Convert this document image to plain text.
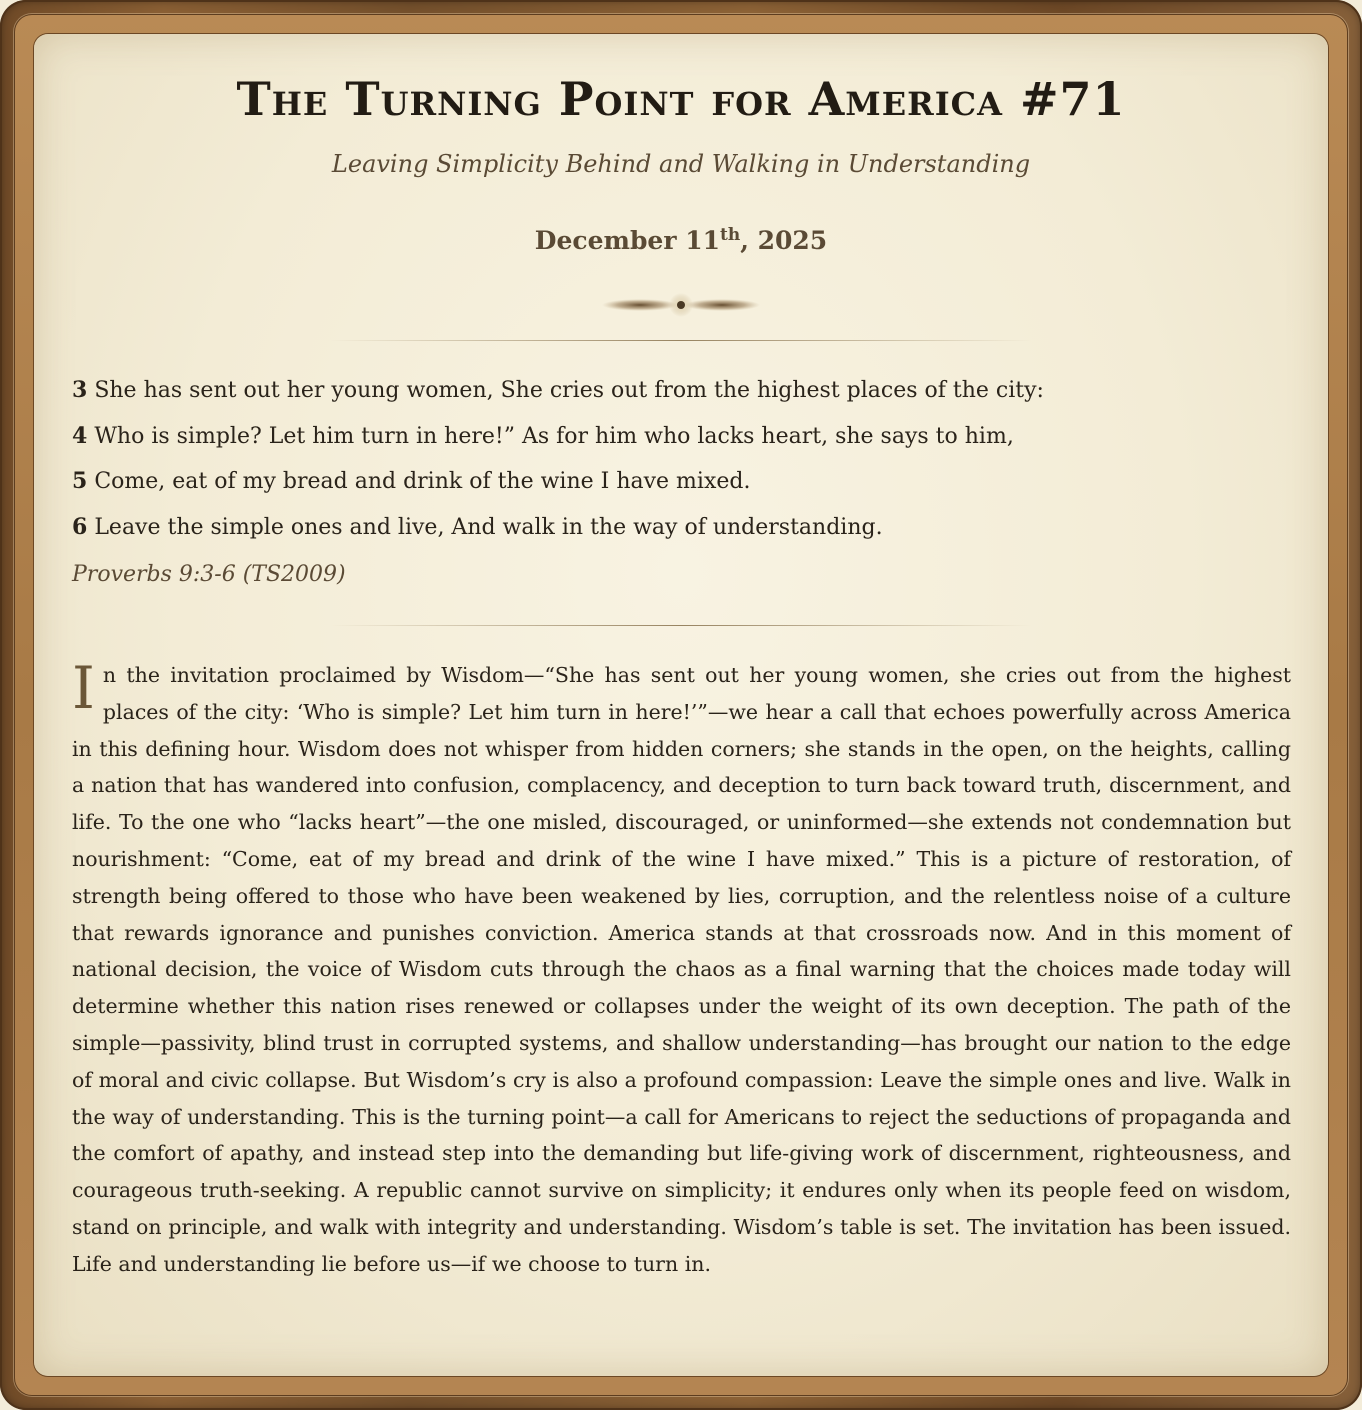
The Turning Point for America #71
Leaving Simplicity Behind and Walking in Understanding
December 11th, 2025
3 She has sent out her young women, She cries out from the highest places of the city:
4 Who is simple? Let him turn in here!” As for him who lacks heart, she says to him,
5 Come, eat of my bread and drink of the wine I have mixed.
6 Leave the simple ones and live, And walk in the way of understanding.
Proverbs 9:3-6 (TS2009)

In the invitation proclaimed by Wisdom—“She has sent out her young women, she cries out from the highest places of the city: ‘Who is simple? Let him turn in here!’”—we hear a call that echoes powerfully across America in this defining hour. Wisdom does not whisper from hidden corners; she stands in the open, on the heights, calling a nation that has wandered into confusion, complacency, and deception to turn back toward truth, discernment, and life. To the one who “lacks heart”—the one misled, discouraged, or uninformed—she extends not condemnation but nourishment: “Come, eat of my bread and drink of the wine I have mixed.” This is a picture of restoration, of strength being offered to those who have been weakened by lies, corruption, and the relentless noise of a culture that rewards ignorance and punishes conviction. America stands at that crossroads now. And in this moment of national decision, the voice of Wisdom cuts through the chaos as a final warning that the choices made today will determine whether this nation rises renewed or collapses under the weight of its own deception. The path of the simple—passivity, blind trust in corrupted systems, and shallow understanding—has brought our nation to the edge of moral and civic collapse. But Wisdom’s cry is also a profound compassion: Leave the simple ones and live. Walk in the way of understanding. This is the turning point—a call for Americans to reject the seductions of propaganda and the comfort of apathy, and instead step into the demanding but life-giving work of discernment, righteousness, and courageous truth-seeking. A republic cannot survive on simplicity; it endures only when its people feed on wisdom, stand on principle, and walk with integrity and understanding. Wisdom’s table is set. The invitation has been issued. Life and understanding lie before us—if we choose to turn in.
